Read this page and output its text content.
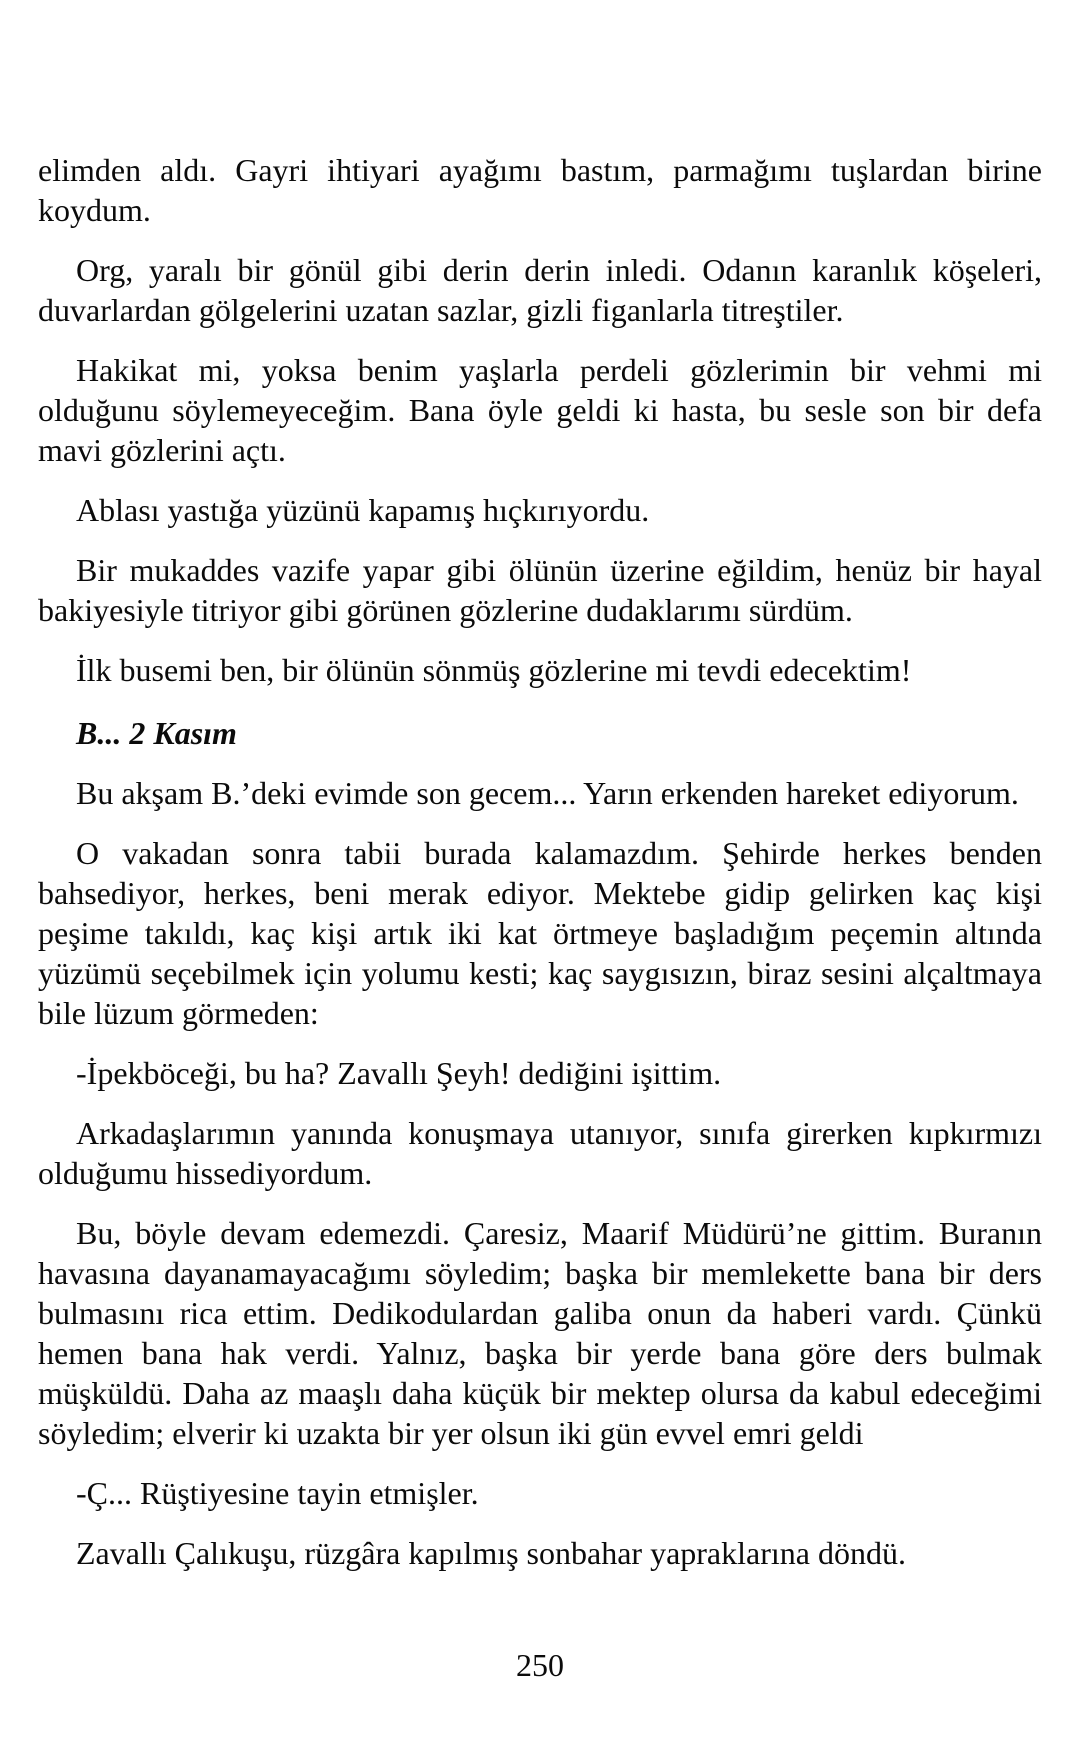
elimden aldı. Gayri ihtiyari ayağımı bastım, parmağımı tuşlardan birine koydum.

Org, yaralı bir gönül gibi derin derin inledi. Odanın karanlık köşeleri, duvarlardan gölgelerini uzatan sazlar, gizli figanlarla titreştiler.

Hakikat mi, yoksa benim yaşlarla perdeli gözlerimin bir vehmi mi olduğunu söylemeyeceğim. Bana öyle geldi ki hasta, bu sesle son bir defa mavi gözlerini açtı.

Ablası yastığa yüzünü kapamış hıçkırıyordu.

Bir mukaddes vazife yapar gibi ölünün üzerine eğildim, henüz bir hayal bakiyesiyle titriyor gibi görünen gözlerine dudaklarımı sürdüm.

İlk busemi ben, bir ölünün sönmüş gözlerine mi tevdi edecektim!

B... 2 Kasım

Bu akşam B.’deki evimde son gecem... Yarın erkenden hareket ediyorum.

O vakadan sonra tabii burada kalamazdım. Şehirde herkes benden bahsediyor, herkes, beni merak ediyor. Mektebe gidip gelirken kaç kişi peşime takıldı, kaç kişi artık iki kat örtmeye başladığım peçemin altında yüzümü seçebilmek için yolumu kesti; kaç saygısızın, biraz sesini alçaltmaya bile lüzum görmeden:

-İpekböceği, bu ha? Zavallı Şeyh! dediğini işittim.

Arkadaşlarımın yanında konuşmaya utanıyor, sınıfa girerken kıpkırmızı olduğumu hissediyordum.

Bu, böyle devam edemezdi. Çaresiz, Maarif Müdürü’ne gittim. Buranın havasına dayanamayacağımı söyledim; başka bir memlekette bana bir ders bulmasını rica ettim. Dedikodulardan galiba onun da haberi vardı. Çünkü hemen bana hak verdi. Yalnız, başka bir yerde bana göre ders bulmak müşküldü. Daha az maaşlı daha küçük bir mektep olursa da kabul edeceğimi söyledim; elverir ki uzakta bir yer olsun iki gün evvel emri geldi

-Ç... Rüştiyesine tayin etmişler.

Zavallı Çalıkuşu, rüzgâra kapılmış sonbahar yapraklarına döndü.

250
